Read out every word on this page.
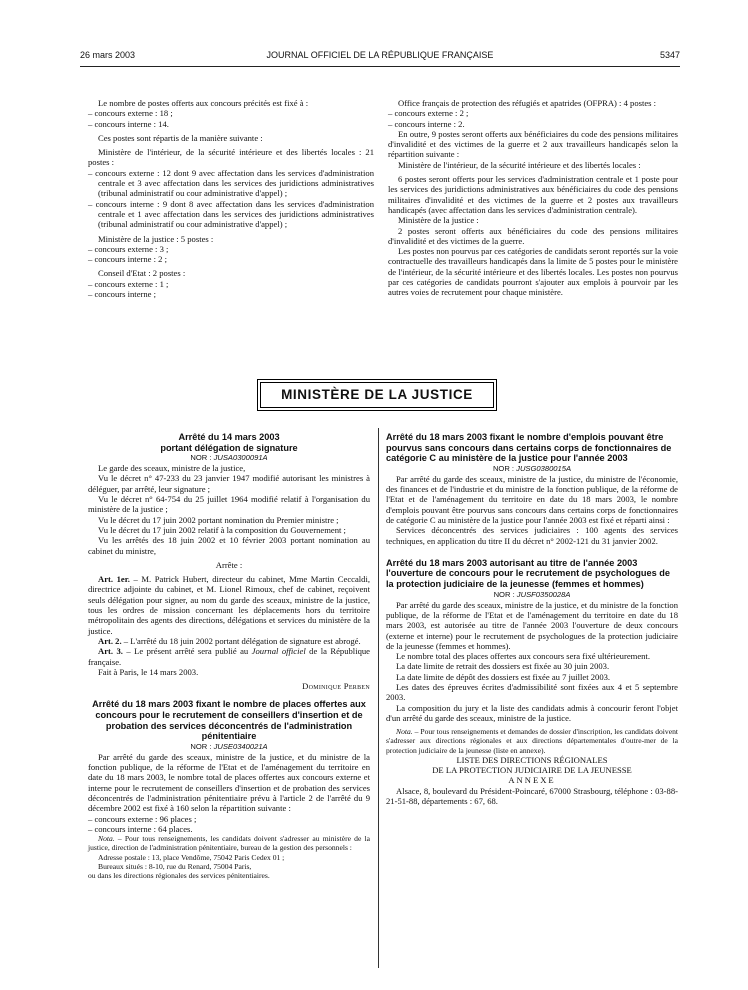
26 mars 2003	JOURNAL OFFICIEL DE LA RÉPUBLIQUE FRANÇAISE	5347

Le nombre de postes offerts aux concours précités est fixé à :

– concours externe : 18 ;

– concours interne : 14.

Ces postes sont répartis de la manière suivante :

Ministère de l'intérieur, de la sécurité intérieure et des libertés locales : 21 postes :

– concours externe : 12 dont 9 avec affectation dans les services d'administration centrale et 3 avec affectation dans les services des juridictions administratives (tribunal administratif ou cour administrative d'appel) ;

– concours interne : 9 dont 8 avec affectation dans les services d'administration centrale et 1 avec affectation dans les services des juridictions administratives (tribunal administratif ou cour administrative d'appel) ;

Ministère de la justice : 5 postes :

– concours externe : 3 ;

– concours interne : 2 ;

Conseil d'Etat : 2 postes :

– concours externe : 1 ;

– concours interne ;

Office français de protection des réfugiés et apatrides (OFPRA) : 4 postes :

– concours externe : 2 ;

– concours interne : 2.

En outre, 9 postes seront offerts aux bénéficiaires du code des pensions militaires d'invalidité et des victimes de la guerre et 2 aux travailleurs handicapés selon la répartition suivante :

Ministère de l'intérieur, de la sécurité intérieure et des libertés locales :

6 postes seront offerts pour les services d'administration centrale et 1 poste pour les services des juridictions administratives aux bénéficiaires du code des pensions militaires d'invalidité et des victimes de la guerre et 2 postes aux travailleurs handicapés (avec affectation dans les services d'administration centrale).

Ministère de la justice :

2 postes seront offerts aux bénéficiaires du code des pensions militaires d'invalidité et des victimes de la guerre.

Les postes non pourvus par ces catégories de candidats seront reportés sur la voie contractuelle des travailleurs handicapés dans la limite de 5 postes pour le ministère de l'intérieur, de la sécurité intérieure et des libertés locales. Les postes non pourvus par ces catégories de candidats pourront s'ajouter aux emplois à pourvoir par les autres voies de recrutement pour chaque ministère.

MINISTÈRE DE LA JUSTICE

Arrêté du 14 mars 2003

portant délégation de signature

NOR : JUSA0300091A

Le garde des sceaux, ministre de la justice,

Vu le décret n° 47-233 du 23 janvier 1947 modifié autorisant les ministres à déléguer, par arrêté, leur signature ;

Vu le décret n° 64-754 du 25 juillet 1964 modifié relatif à l'organisation du ministère de la justice ;

Vu le décret du 17 juin 2002 portant nomination du Premier ministre ;

Vu le décret du 17 juin 2002 relatif à la composition du Gouvernement ;

Vu les arrêtés des 18 juin 2002 et 10 février 2003 portant nomination au cabinet du ministre,

Arrête :

Art. 1er. – M. Patrick Hubert, directeur du cabinet, Mme Martin Ceccaldi, directrice adjointe du cabinet, et M. Lionel Rimoux, chef de cabinet, reçoivent seuls délégation pour signer, au nom du garde des sceaux, ministre de la justice, tous les ordres de mission concernant les déplacements hors du territoire métropolitain des agents des directions, délégations et services du ministère de la justice.

Art. 2. – L'arrêté du 18 juin 2002 portant délégation de signature est abrogé.

Art. 3. – Le présent arrêté sera publié au Journal officiel de la République française.

Fait à Paris, le 14 mars 2003.

Dominique Perben

Arrêté du 18 mars 2003 fixant le nombre de places offertes aux concours pour le recrutement de conseillers d'insertion et de probation des services déconcentrés de l'administration pénitentiaire

NOR : JUSE0340021A

Par arrêté du garde des sceaux, ministre de la justice, et du ministre de la fonction publique, de la réforme de l'Etat et de l'aménagement du territoire en date du 18 mars 2003, le nombre total de places offertes aux concours externe et interne pour le recrutement de conseillers d'insertion et de probation des services déconcentrés de l'administration pénitentiaire prévu à l'article 2 de l'arrêté du 9 décembre 2002 est fixé à 160 selon la répartition suivante :

– concours externe : 96 places ;

– concours interne : 64 places.

Nota. – Pour tous renseignements, les candidats doivent s'adresser au ministère de la justice, direction de l'administration pénitentiaire, bureau de la gestion des personnels :

Adresse postale : 13, place Vendôme, 75042 Paris Cedex 01 ;

Bureaux situés : 8-10, rue du Renard, 75004 Paris,

ou dans les directions régionales des services pénitentiaires.

Arrêté du 18 mars 2003 fixant le nombre d'emplois pouvant être pourvus sans concours dans certains corps de fonctionnaires de catégorie C au ministère de la justice pour l'année 2003

NOR : JUSG0380015A

Par arrêté du garde des sceaux, ministre de la justice, du ministre de l'économie, des finances et de l'industrie et du ministre de la fonction publique, de la réforme de l'Etat et de l'aménagement du territoire en date du 18 mars 2003, le nombre d'emplois pouvant être pourvus sans concours dans certains corps de fonctionnaires de catégorie C au ministère de la justice pour l'année 2003 est fixé et réparti ainsi :

Services déconcentrés des services judiciaires : 100 agents des services techniques, en application du titre II du décret n° 2002-121 du 31 janvier 2002.

Arrêté du 18 mars 2003 autorisant au titre de l'année 2003 l'ouverture de concours pour le recrutement de psychologues de la protection judiciaire de la jeunesse (femmes et hommes)

NOR : JUSF0350028A

Par arrêté du garde des sceaux, ministre de la justice, et du ministre de la fonction publique, de la réforme de l'Etat et de l'aménagement du territoire en date du 18 mars 2003, est autorisée au titre de l'année 2003 l'ouverture de deux concours (externe et interne) pour le recrutement de psychologues de la protection judiciaire de la jeunesse (femmes et hommes).

Le nombre total des places offertes aux concours sera fixé ultérieurement.

La date limite de retrait des dossiers est fixée au 30 juin 2003.

La date limite de dépôt des dossiers est fixée au 7 juillet 2003.

Les dates des épreuves écrites d'admissibilité sont fixées aux 4 et 5 septembre 2003.

La composition du jury et la liste des candidats admis à concourir feront l'objet d'un arrêté du garde des sceaux, ministre de la justice.

Nota. – Pour tous renseignements et demandes de dossier d'inscription, les candidats doivent s'adresser aux directions régionales et aux directions départementales d'outre-mer de la protection judiciaire de la jeunesse (liste en annexe).

LISTE DES DIRECTIONS RÉGIONALES

DE LA PROTECTION JUDICIAIRE DE LA JEUNESSE

ANNEXE

Alsace, 8, boulevard du Président-Poincaré, 67000 Strasbourg, téléphone : 03-88-21-51-88, départements : 67, 68.
